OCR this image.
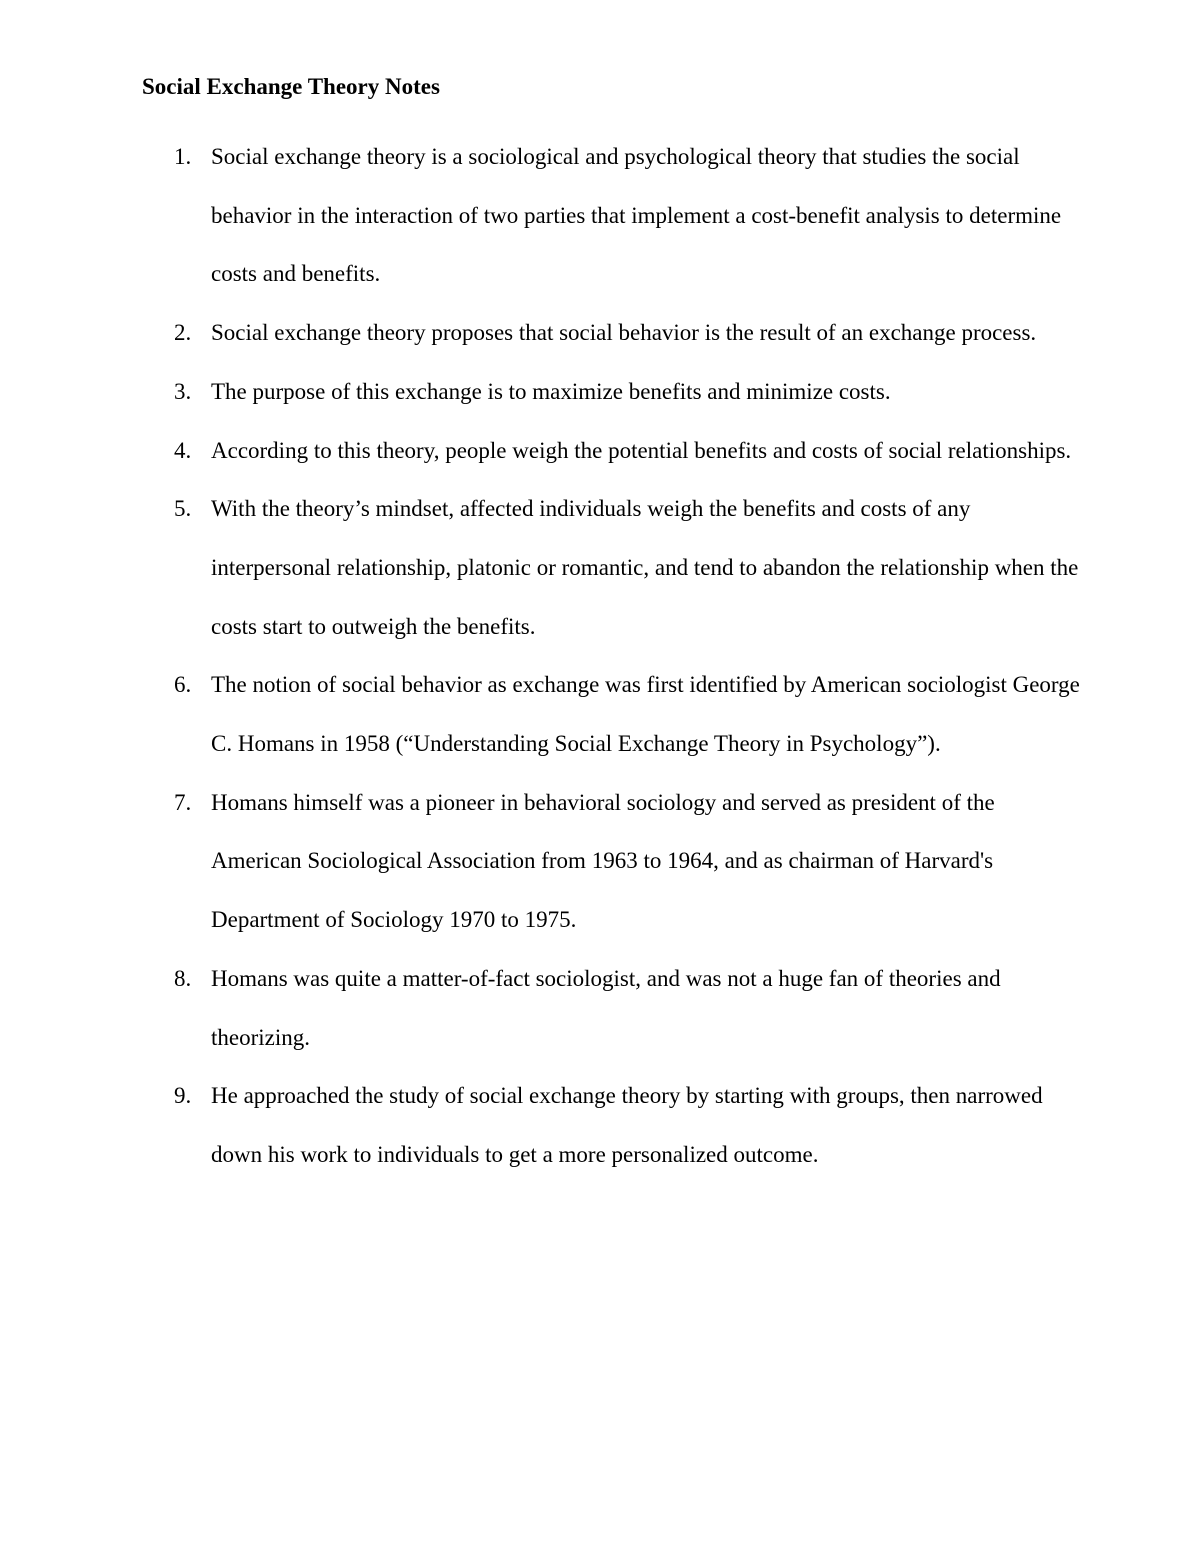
Social Exchange Theory Notes
1. Social exchange theory is a sociological and psychological theory that studies the social behavior in the interaction of two parties that implement a cost-benefit analysis to determine costs and benefits.
2. Social exchange theory proposes that social behavior is the result of an exchange process.
3. The purpose of this exchange is to maximize benefits and minimize costs.
4. According to this theory, people weigh the potential benefits and costs of social relationships.
5. With the theory’s mindset, affected individuals weigh the benefits and costs of any interpersonal relationship, platonic or romantic, and tend to abandon the relationship when the costs start to outweigh the benefits.
6. The notion of social behavior as exchange was first identified by American sociologist George C. Homans in 1958 (“Understanding Social Exchange Theory in Psychology”).
7. Homans himself was a pioneer in behavioral sociology and served as president of the American Sociological Association from 1963 to 1964, and as chairman of Harvard's Department of Sociology 1970 to 1975.
8. Homans was quite a matter-of-fact sociologist, and was not a huge fan of theories and theorizing.
9. He approached the study of social exchange theory by starting with groups, then narrowed down his work to individuals to get a more personalized outcome.
